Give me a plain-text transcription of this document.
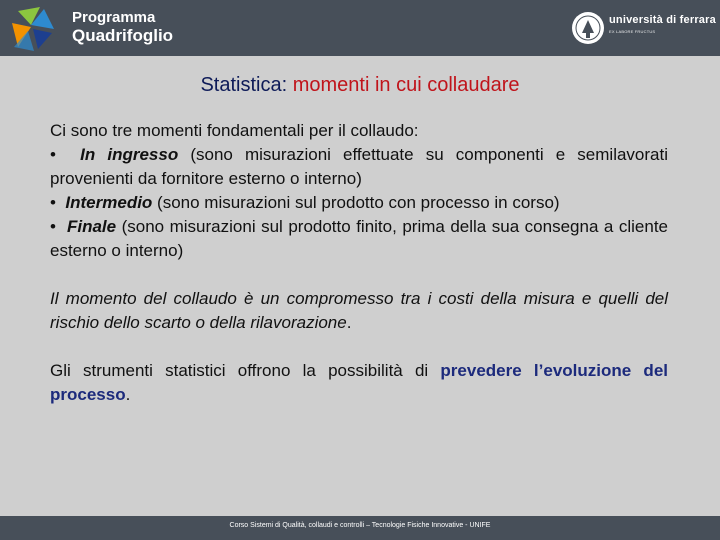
Programma
Quadrifoglio
università di ferrara
EX LABORE FRUCTUS
Statistica: momenti in cui collaudare

Ci sono tre momenti fondamentali per il collaudo:

• In ingresso (sono misurazioni effettuate su componenti e semilavorati provenienti da fornitore esterno o interno)

• Intermedio (sono misurazioni sul prodotto con processo in corso)

• Finale (sono misurazioni sul prodotto finito, prima della sua consegna a cliente esterno o interno)

Il momento del collaudo è un compromesso tra i costi della misura e quelli del rischio dello scarto o della rilavorazione.

Gli strumenti statistici offrono la possibilità di prevedere l’evoluzione del processo.

Corso Sistemi di Qualità, collaudi e controlli – Tecnologie Fisiche Innovative - UNIFE
